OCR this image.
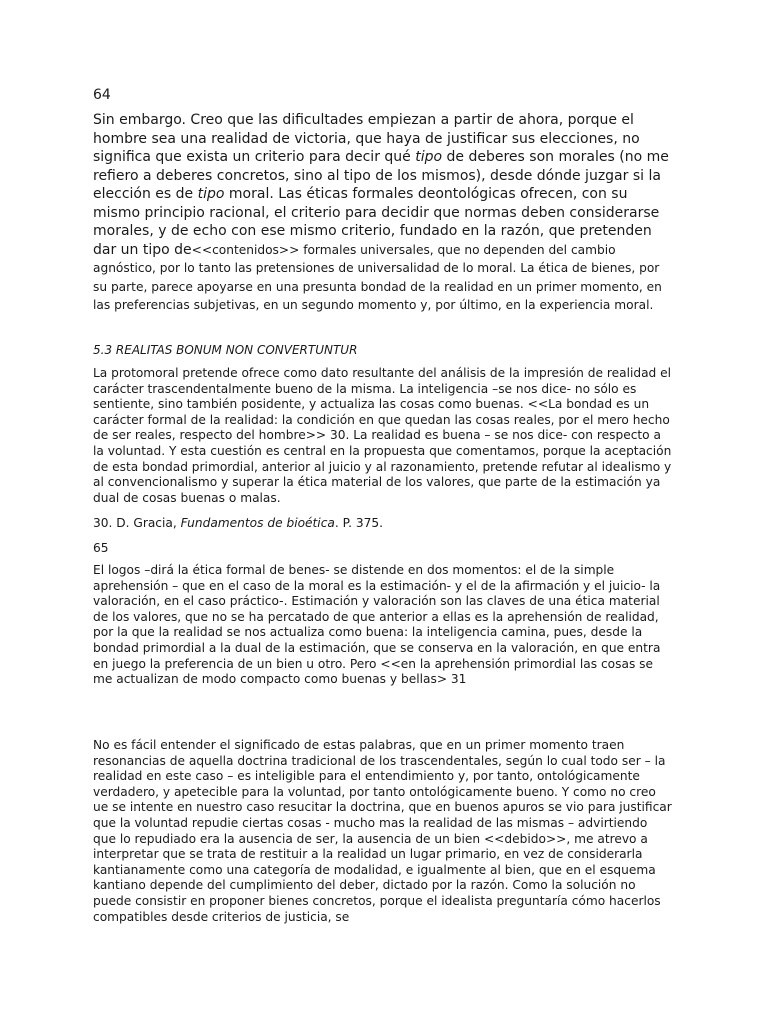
64

Sin embargo. Creo que las dificultades empiezan a partir de ahora, porque el hombre sea una realidad de victoria, que haya de justificar sus elecciones, no significa que exista un criterio para decir qué tipo de deberes son morales (no me refiero a deberes concretos, sino al tipo de los mismos), desde dónde juzgar si la elección es de tipo moral. Las éticas formales deontológicas ofrecen, con su mismo principio racional, el criterio para decidir que normas deben considerarse morales, y de echo con ese mismo criterio, fundado en la razón, que pretenden dar un tipo de<<contenidos>> formales universales, que no dependen del cambio agnóstico, por lo tanto las pretensiones de universalidad de lo moral. La ética de bienes, por su parte, parece apoyarse en una presunta bondad de la realidad en un primer momento, en las preferencias subjetivas, en un segundo momento y, por último, en la experiencia moral.

5.3 REALITAS BONUM NON CONVERTUNTUR

La protomoral pretende ofrece como dato resultante del análisis de la impresión de realidad el carácter trascendentalmente bueno de la misma. La inteligencia –se nos dice- no sólo es sentiente, sino también posidente, y actualiza las cosas como buenas. <<La bondad es un carácter formal de la realidad: la condición en que quedan las cosas reales, por el mero hecho de ser reales, respecto del hombre>> 30. La realidad es buena – se nos dice- con respecto a la voluntad. Y esta cuestión es central en la propuesta que comentamos, porque la aceptación de esta bondad primordial, anterior al juicio y al razonamiento, pretende refutar al idealismo y al convencionalismo y superar la ética material de los valores, que parte de la estimación ya dual de cosas buenas o malas.

30. D. Gracia, Fundamentos de bioética. P. 375.

65

El logos –dirá la ética formal de benes- se distende en dos momentos: el de la simple aprehensión – que en el caso de la moral es la estimación- y el de la afirmación y el juicio- la valoración, en el caso práctico-. Estimación y valoración son las claves de una ética material de los valores, que no se ha percatado de que anterior a ellas es la aprehensión de realidad, por la que la realidad se nos actualiza como buena: la inteligencia camina, pues, desde la bondad primordial a la dual de la estimación, que se conserva en la valoración, en que entra en juego la preferencia de un bien u otro. Pero <<en la aprehensión primordial las cosas se me actualizan de modo compacto como buenas y bellas> 31

No es fácil entender el significado de estas palabras, que en un primer momento traen resonancias de aquella doctrina tradicional de los trascendentales, según lo cual todo ser – la realidad en este caso – es inteligible para el entendimiento y, por tanto, ontológicamente verdadero, y apetecible para la voluntad, por tanto ontológicamente bueno. Y como no creo ue se intente en nuestro caso resucitar la doctrina, que en buenos apuros se vio para justificar que la voluntad repudie ciertas cosas - mucho mas la realidad de las mismas – advirtiendo que lo repudiado era la ausencia de ser, la ausencia de un bien <<debido>>, me atrevo a interpretar que se trata de restituir a la realidad un lugar primario, en vez de considerarla kantianamente como una categoría de modalidad, e igualmente al bien, que en el esquema kantiano depende del cumplimiento del deber, dictado por la razón. Como la solución no puede consistir en proponer bienes concretos, porque el idealista preguntaría cómo hacerlos compatibles desde criterios de justicia, se
